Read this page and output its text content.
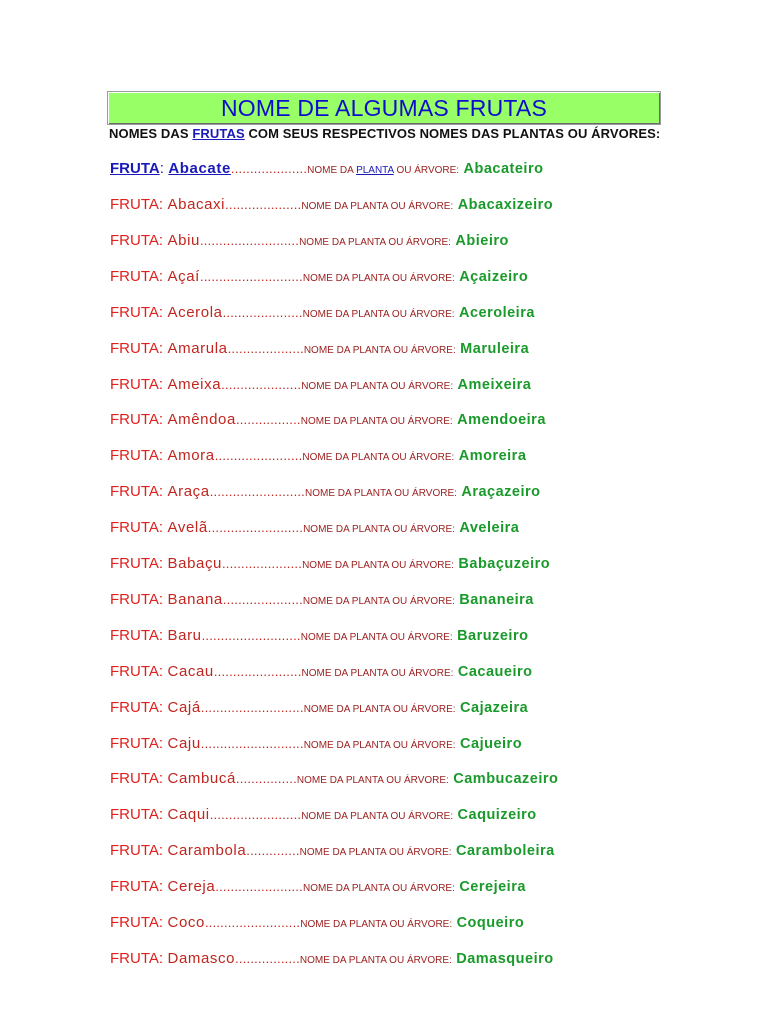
NOME DE ALGUMAS FRUTAS
NOMES DAS FRUTAS COM SEUS RESPECTIVOS NOMES DAS PLANTAS OU ÁRVORES:
FRUTA: Abacate....................NOME DA PLANTA OU ÁRVORE: Abacateiro
FRUTA: Abacaxi....................NOME DA PLANTA OU ÁRVORE: Abacaxizeiro
FRUTA: Abiu..........................NOME DA PLANTA OU ÁRVORE: Abieiro
FRUTA: Açaí...........................NOME DA PLANTA OU ÁRVORE: Açaizeiro
FRUTA: Acerola.....................NOME DA PLANTA OU ÁRVORE: Aceroleira
FRUTA: Amarula....................NOME DA PLANTA OU ÁRVORE: Maruleira
FRUTA: Ameixa.....................NOME DA PLANTA OU ÁRVORE: Ameixeira
FRUTA: Amêndoa.................NOME DA PLANTA OU ÁRVORE: Amendoeira
FRUTA: Amora.......................NOME DA PLANTA OU ÁRVORE: Amoreira
FRUTA: Araça.........................NOME DA PLANTA OU ÁRVORE: Araçazeiro
FRUTA: Avelã.........................NOME DA PLANTA OU ÁRVORE: Aveleira
FRUTA: Babaçu.....................NOME DA PLANTA OU ÁRVORE: Babaçuzeiro
FRUTA: Banana.....................NOME DA PLANTA OU ÁRVORE: Bananeira
FRUTA: Baru..........................NOME DA PLANTA OU ÁRVORE: Baruzeiro
FRUTA: Cacau.......................NOME DA PLANTA OU ÁRVORE: Cacaueiro
FRUTA: Cajá...........................NOME DA PLANTA OU ÁRVORE: Cajazeira
FRUTA: Caju...........................NOME DA PLANTA OU ÁRVORE: Cajueiro
FRUTA: Cambucá................NOME DA PLANTA OU ÁRVORE: Cambucazeiro
FRUTA: Caqui........................NOME DA PLANTA OU ÁRVORE: Caquizeiro
FRUTA: Carambola..............NOME DA PLANTA OU ÁRVORE: Caramboleira
FRUTA: Cereja.......................NOME DA PLANTA OU ÁRVORE: Cerejeira
FRUTA: Coco.........................NOME DA PLANTA OU ÁRVORE: Coqueiro
FRUTA: Damasco.................NOME DA PLANTA OU ÁRVORE: Damasqueiro
